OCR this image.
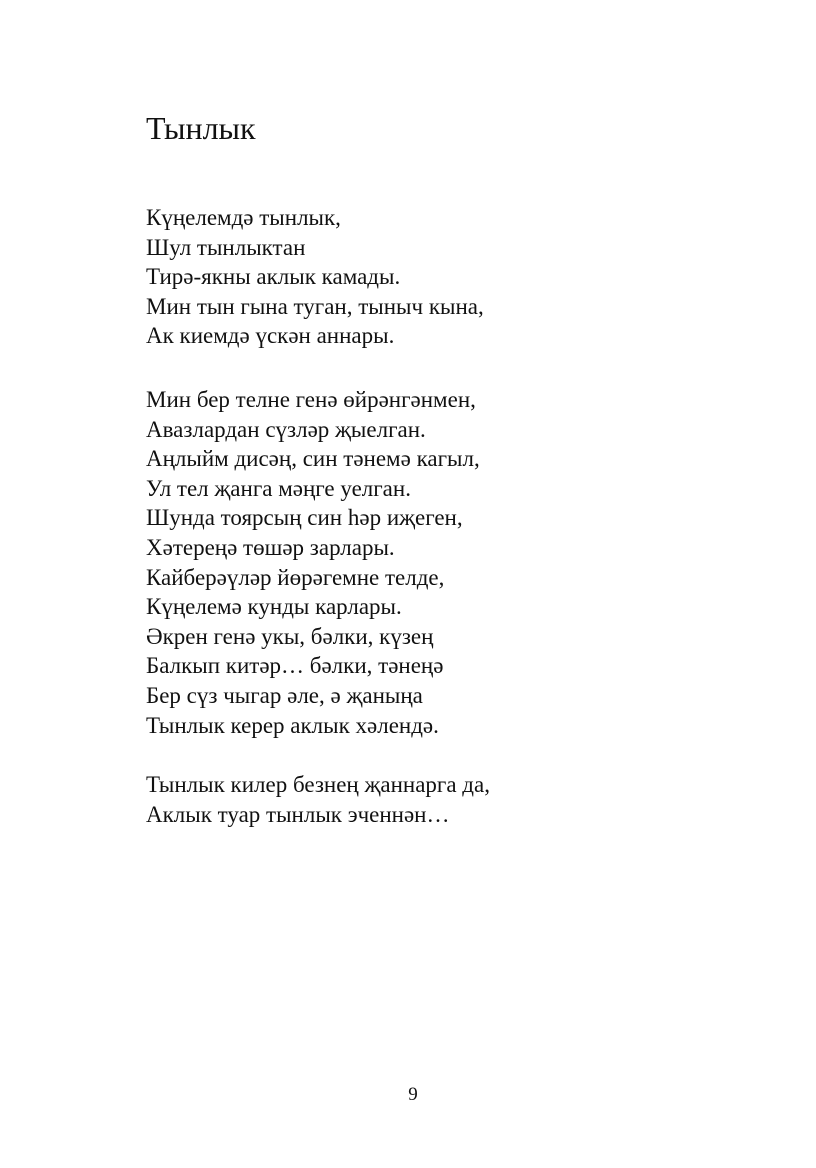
Тынлык
Күңелемдә тынлык,
Шул тынлыктан
Тирә-якны аклык камады.
Мин тын гына туган, тыныч кына,
Ак киемдә үскән аннары.
Мин бер телне генә өйрәнгәнмен,
Авазлардан сүзләр җыелган.
Аңлыйм дисәң, син тәнемә кагыл,
Ул тел җанга мәңге уелган.
Шунда тоярсың син һәр иҗеген,
Хәтереңә төшәр зарлары.
Кайберәүләр йөрәгемне телде,
Күңелемә кунды карлары.
Әкрен генә укы, бәлки, күзең
Балкып китәр… бәлки, тәнеңә
Бер сүз чыгар әле, ә җаныңа
Тынлык керер аклык хәлендә.
Тынлык килер безнең җаннарга да,
Аклык туар тынлык эченнән…
9
